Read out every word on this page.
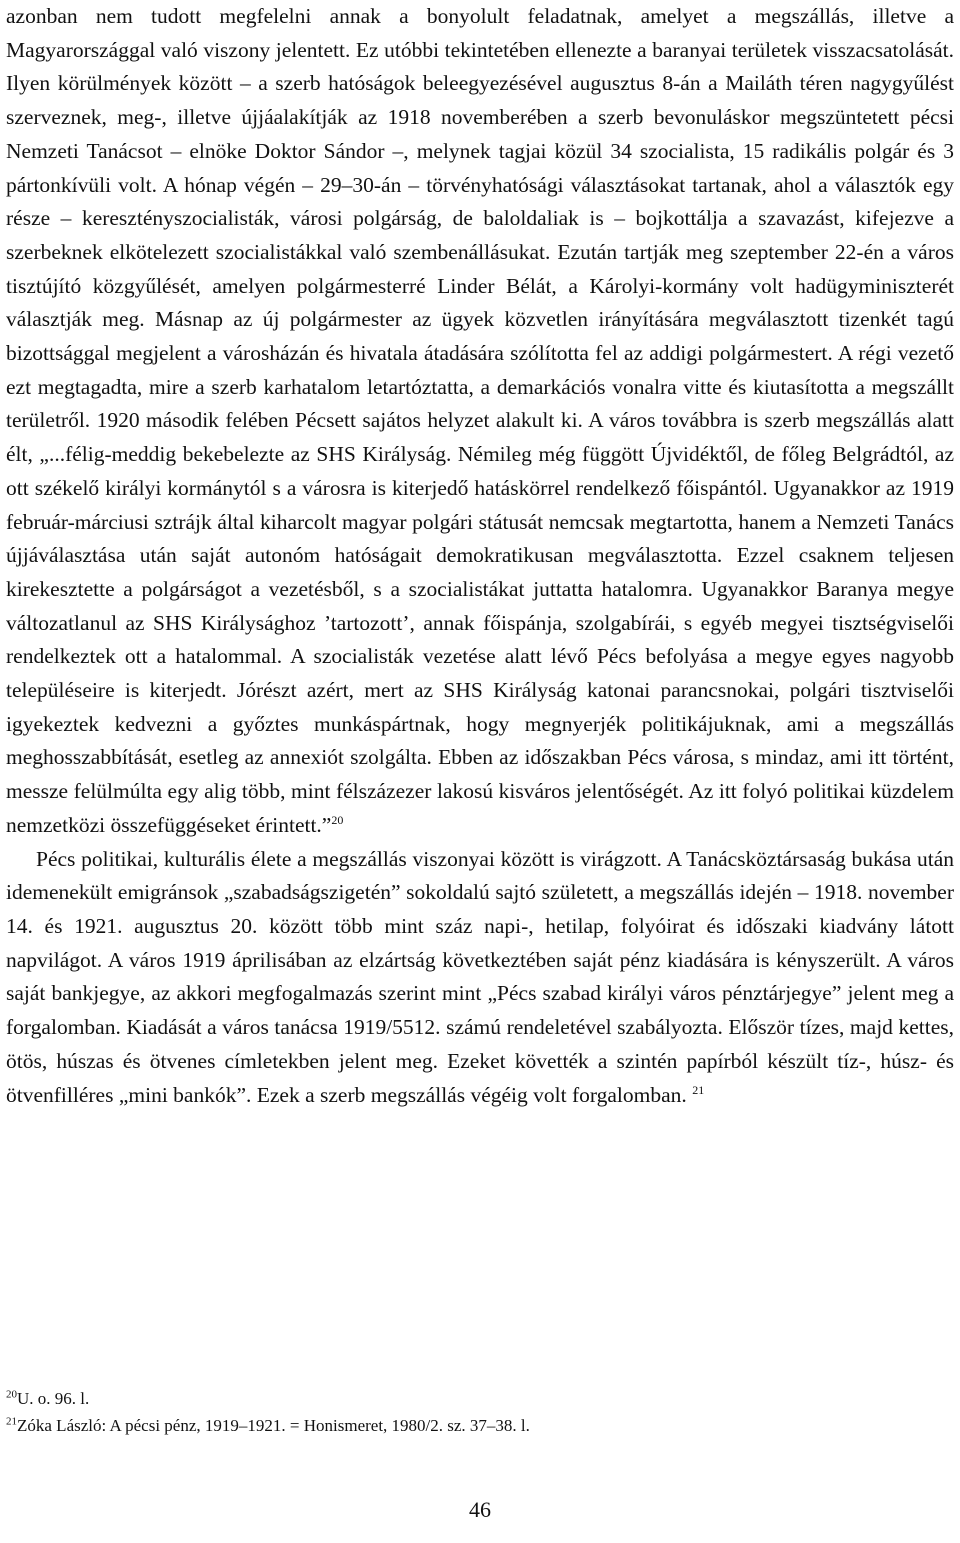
azonban nem tudott megfelelni annak a bonyolult feladatnak, amelyet a megszállás, illetve a Magyarországgal való viszony jelentett. Ez utóbbi tekintetében ellenezte a baranyai területek visszacsatolását. Ilyen körülmények között – a szerb hatóságok beleegyezésével augusztus 8-án a Mailáth téren nagygyűlést szerveznek, meg-, illetve újjáalakítják az 1918 novemberében a szerb bevonuláskor megszüntetett pécsi Nemzeti Tanácsot – elnöke Doktor Sándor –, melynek tagjai közül 34 szocialista, 15 radikális polgár és 3 pártonkívüli volt. A hónap végén – 29–30-án – törvényhatósági választásokat tartanak, ahol a választók egy része – keresztényszocialisták, városi polgárság, de baloldaliak is – bojkottálja a szavazást, kifejezve a szerbeknek elkötelezett szocialistákkal való szembenállásukat. Ezután tartják meg szeptember 22-én a város tisztújító közgyűlését, amelyen polgármesterré Linder Bélát, a Károlyi-kormány volt hadügyminiszterét választják meg. Másnap az új polgármester az ügyek közvetlen irányítására megválasztott tizenkét tagú bizottsággal megjelent a városházán és hivatala átadására szólította fel az addigi polgármestert. A régi vezető ezt megtagadta, mire a szerb karhatalom letartóztatta, a demarkációs vonalra vitte és kiutasította a megszállt területről. 1920 második felében Pécsett sajátos helyzet alakult ki. A város továbbra is szerb megszállás alatt élt, „...félig-meddig bekebelezte az SHS Királyság. Némileg még függött Újvidéktől, de főleg Belgrádtól, az ott székelő királyi kormánytól s a városra is kiterjedő hatáskörrel rendelkező főispántól. Ugyanakkor az 1919 február-márciusi sztrájk által kiharcolt magyar polgári státusát nemcsak megtartotta, hanem a Nemzeti Tanács újjáválasztása után saját autonóm hatóságait demokratikusan megválasztotta. Ezzel csaknem teljesen kirekesztette a polgárságot a vezetésből, s a szocialistákat juttatta hatalomra. Ugyanakkor Baranya megye változatlanul az SHS Királysághoz ’tartozott’, annak főispánja, szolgabírái, s egyéb megyei tisztségviselői rendelkeztek ott a hatalommal. A szocialisták vezetése alatt lévő Pécs befolyása a megye egyes nagyobb településeire is kiterjedt. Jórészt azért, mert az SHS Királyság katonai parancsnokai, polgári tisztviselői igyekeztek kedvezni a győztes munkáspártnak, hogy megnyerjék politikájuknak, ami a megszállás meghosszabbítását, esetleg az annexiót szolgálta. Ebben az időszakban Pécs városa, s mindaz, ami itt történt, messze felülmúlta egy alig több, mint félszázezer lakosú kisváros jelentőségét. Az itt folyó politikai küzdelem nemzetközi összefüggéseket érintett.”$^{20}$

Pécs politikai, kulturális élete a megszállás viszonyai között is virágzott. A Tanácsköztársaság bukása után idemenekült emigránsok „szabadságszigetén” sokoldalú sajtó született, a megszállás idején – 1918. november 14. és 1921. augusztus 20. között több mint száz napi-, hetilap, folyóirat és időszaki kiadvány látott napvilágot. A város 1919 áprilisában az elzártság következtében saját pénz kiadására is kényszerült. A város saját bankjegye, az akkori megfogalmazás szerint mint „Pécs szabad királyi város pénztárjegye” jelent meg a forgalomban. Kiadását a város tanácsa 1919/5512. számú rendeletével szabályozta. Először tízes, majd kettes, ötös, húszas és ötvenes címletekben jelent meg. Ezeket követték a szintén papírból készült tíz-, húsz- és ötvenfilléres „mini bankók”. Ezek a szerb megszállás végéig volt forgalomban. $^{21}$

$^{20}$U. o. 96. l.

$^{21}$Zóka László: A pécsi pénz, 1919–1921. = Honismeret, 1980/2. sz. 37–38. l.

46
